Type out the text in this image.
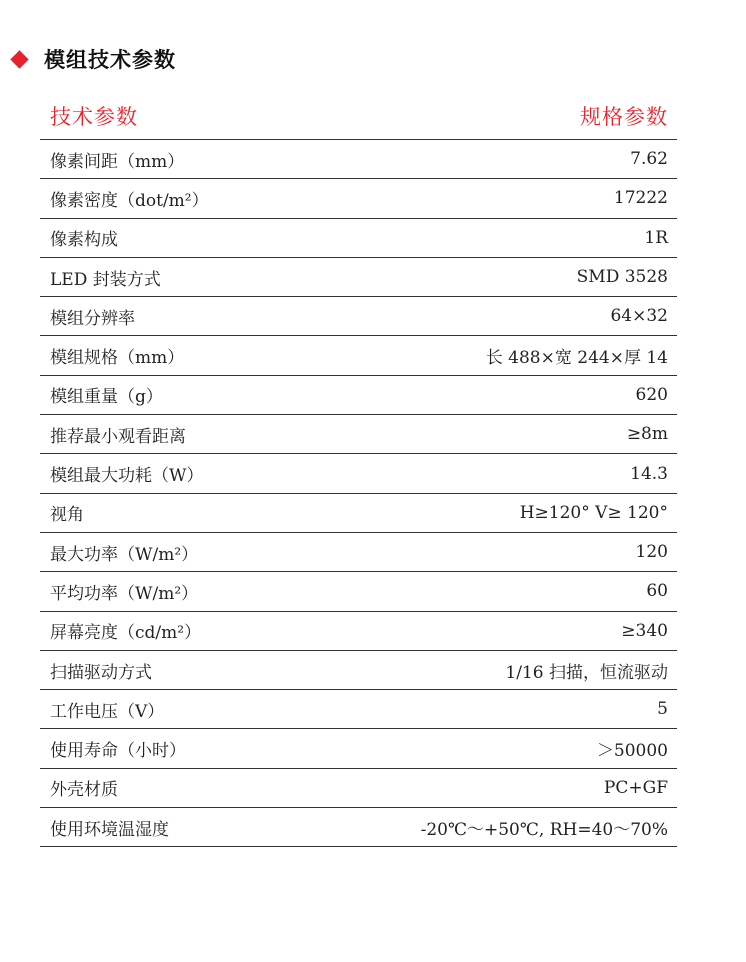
模组技术参数
技术参数	规格参数
像素间距（mm）	7.62
像素密度（dot/m²）	17222
像素构成	1R
LED 封装方式	SMD 3528
模组分辨率	64×32
模组规格（mm）	长 488×宽 244×厚 14
模组重量（g）	620
推荐最小观看距离	≥8m
模组最大功耗（W）	14.3
视角	H≥120° V≥ 120°
最大功率（W/m²）	120
平均功率（W/m²）	60
屏幕亮度（cd/m²）	≥340
扫描驱动方式	1/16 扫描，恒流驱动
工作电压（V）	5
使用寿命（小时）	＞50000
外壳材质	PC+GF
使用环境温湿度	-20℃～+50℃, RH=40～70%
